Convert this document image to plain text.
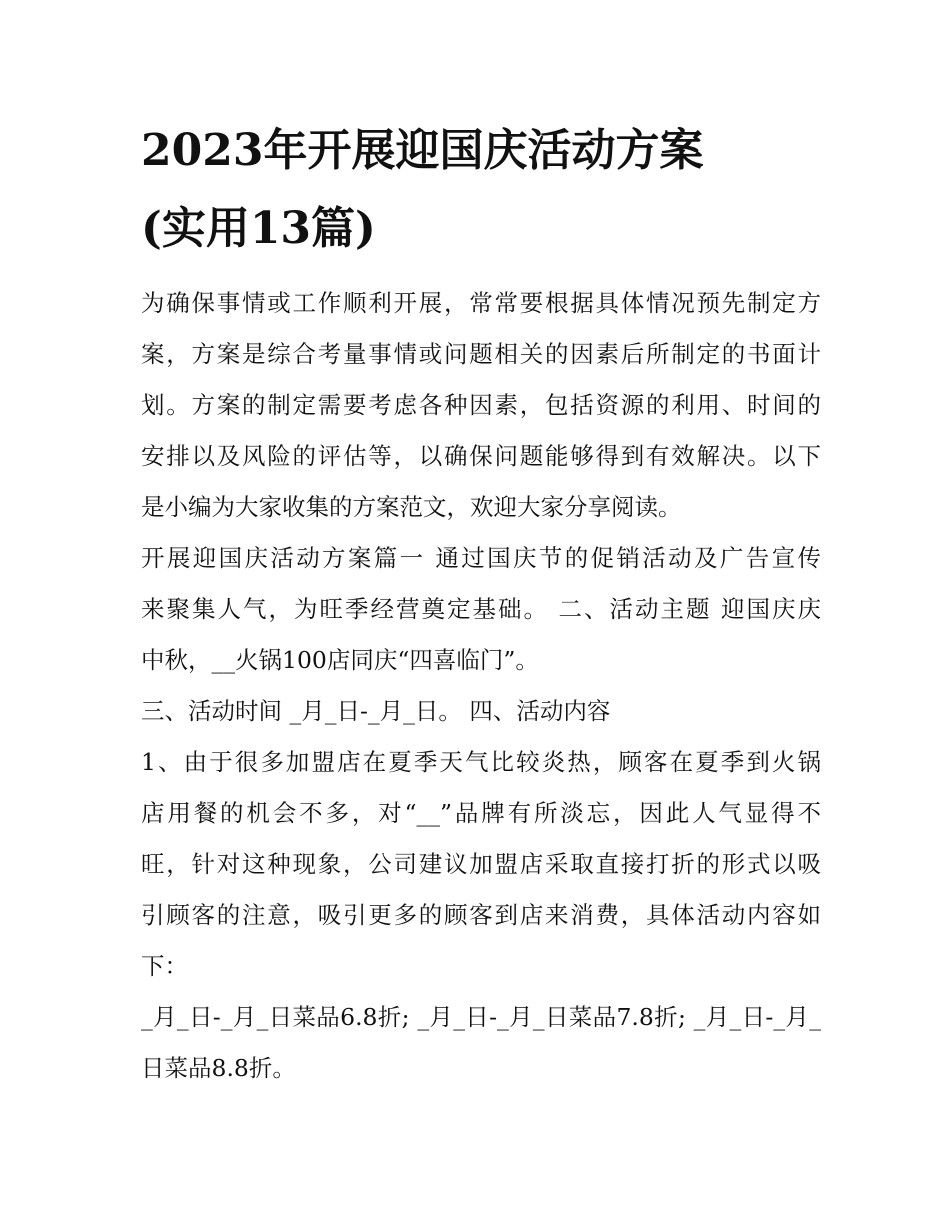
2023年开展迎国庆活动方案
(实用13篇)

为确保事情或工作顺利开展，常常要根据具体情况预先制定方
案，方案是综合考量事情或问题相关的因素后所制定的书面计
划。方案的制定需要考虑各种因素，包括资源的利用、时间的
安排以及风险的评估等，以确保问题能够得到有效解决。以下
是小编为大家收集的方案范文，欢迎大家分享阅读。

开展迎国庆活动方案篇一 通过国庆节的促销活动及广告宣传
来聚集人气，为旺季经营奠定基础。 二、活动主题 迎国庆庆
中秋，__火锅100店同庆“四喜临门”。

三、活动时间 _月_日-_月_日。 四、活动内容

1、由于很多加盟店在夏季天气比较炎热，顾客在夏季到火锅
店用餐的机会不多，对“__”品牌有所淡忘，因此人气显得不
旺，针对这种现象，公司建议加盟店采取直接打折的形式以吸
引顾客的注意，吸引更多的顾客到店来消费，具体活动内容如
下：

_月_日-_月_日菜品6.8折; _月_日-_月_日菜品7.8折; _月_日-_月_
日菜品8.8折。
